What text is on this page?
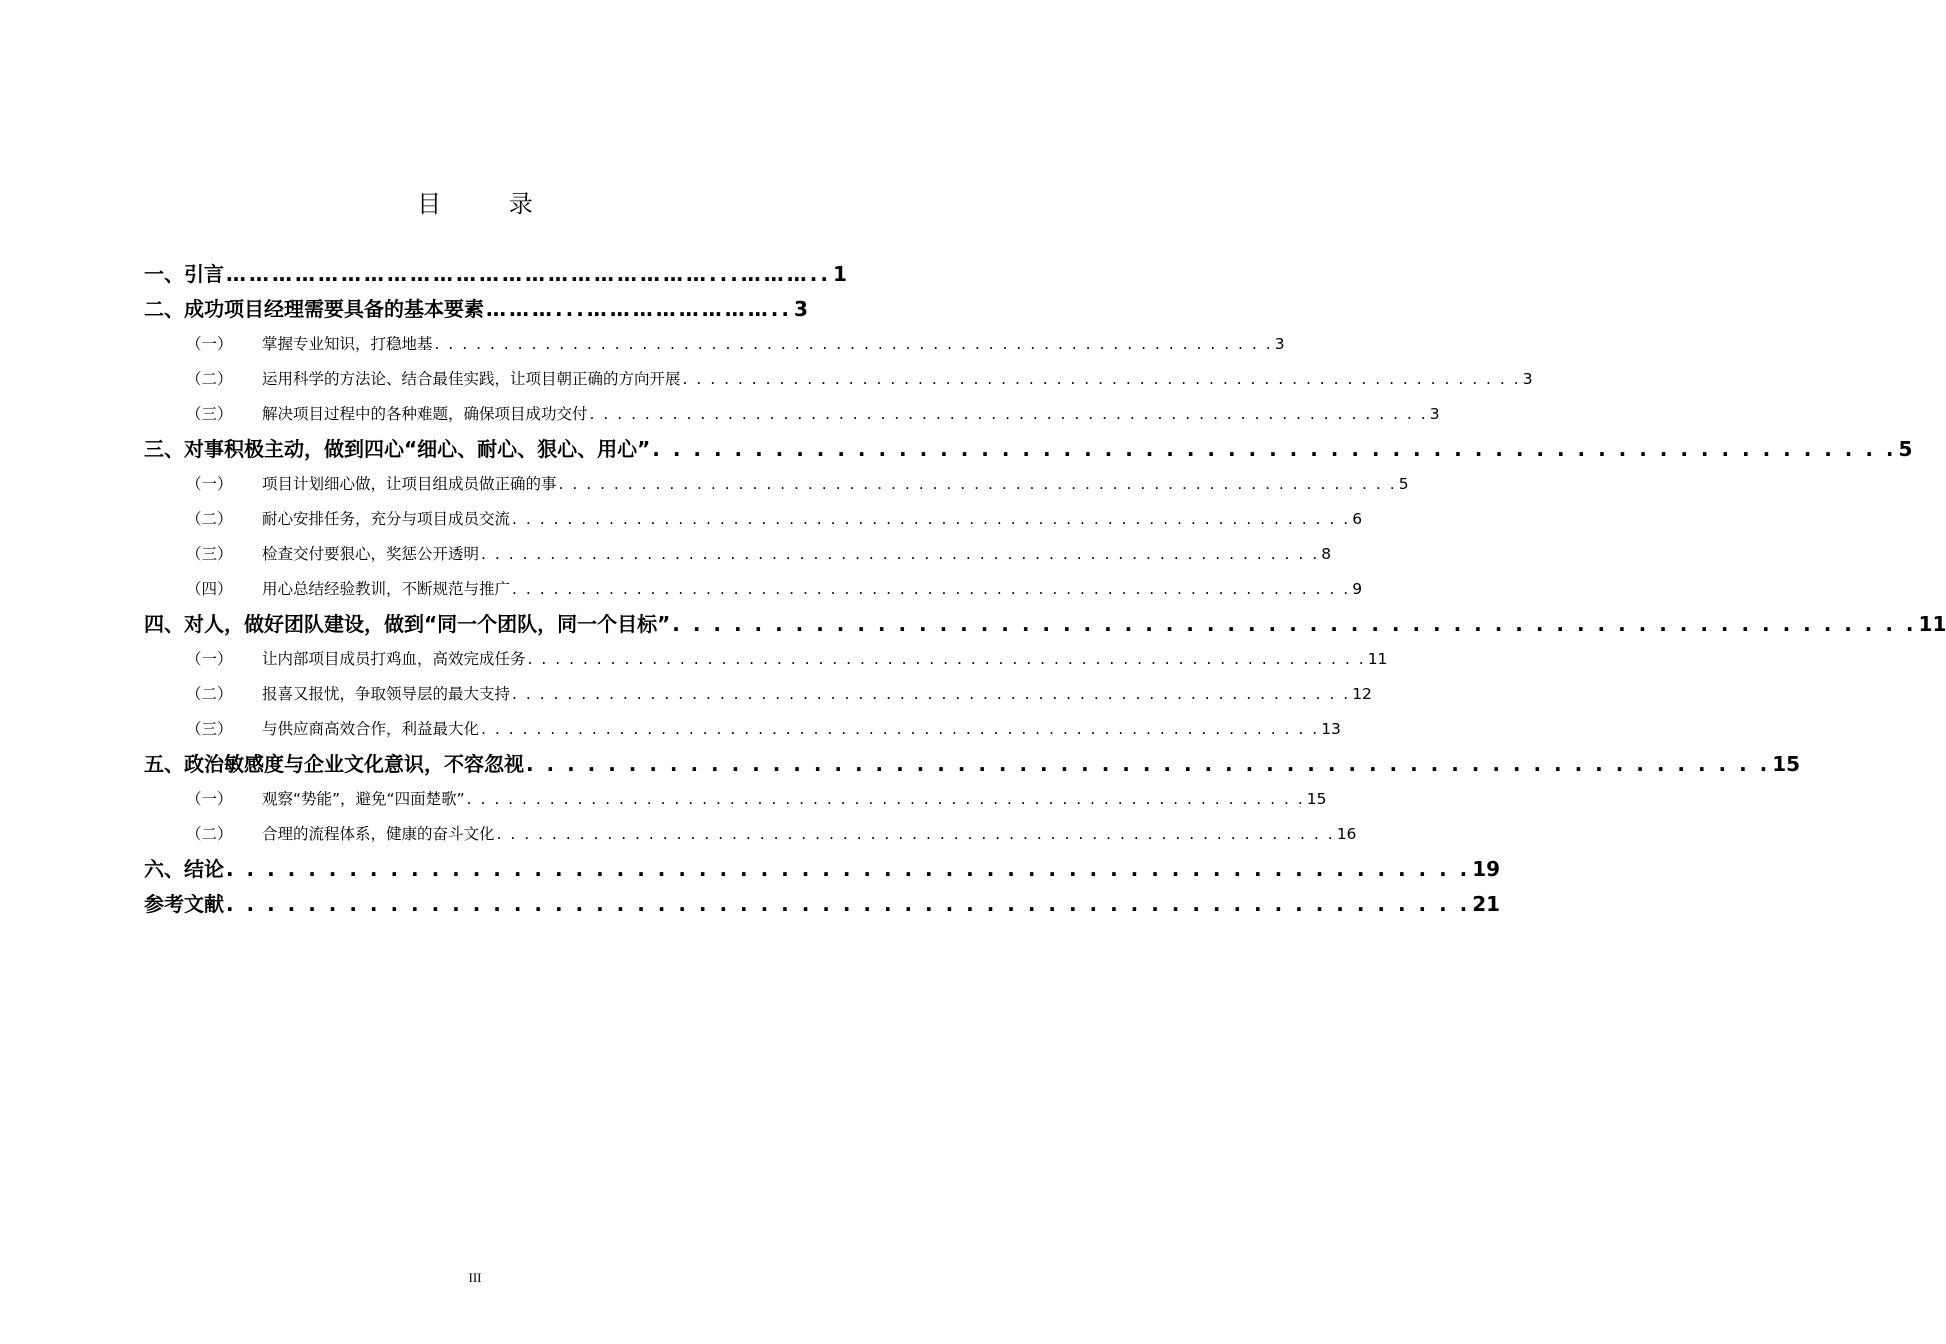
目 录
一、 引言 ………………………………………………………...……….. 1
二、 成功项目经理需要具备的基本要素 ………...…………………….. 3
（一）	掌握专业知识，打稳地基 . . . . . . . . . . . . . . . . . . . . . . . . . . . . . . . . . . . . . . . . . . . . . . . . . . . . . . . . . . . . . 3
（二）	运用科学的方法论、结合最佳实践，让项目朝正确的方向开展 . . . . . . . . . . . . . . . . . . . . . . . . . . . . . . . . . . . . . . . . . . . . . . . . . . . . . . . . . . . . . 3
（三）	解决项目过程中的各种难题，确保项目成功交付 . . . . . . . . . . . . . . . . . . . . . . . . . . . . . . . . . . . . . . . . . . . . . . . . . . . . . . . . . . . . . 3
三、 对事积极主动，做到四心“细心、耐心、狠心、用心” . . . . . . . . . . . . . . . . . . . . . . . . . . . . . . . . . . . . . . . . . . . . . . . . . . . . . . . . . . . . . 5
（一）	项目计划细心做，让项目组成员做正确的事 . . . . . . . . . . . . . . . . . . . . . . . . . . . . . . . . . . . . . . . . . . . . . . . . . . . . . . . . . . . . . 5
（二）	耐心安排任务，充分与项目成员交流 . . . . . . . . . . . . . . . . . . . . . . . . . . . . . . . . . . . . . . . . . . . . . . . . . . . . . . . . . . . . . 6
（三）	检查交付要狠心，奖惩公开透明 . . . . . . . . . . . . . . . . . . . . . . . . . . . . . . . . . . . . . . . . . . . . . . . . . . . . . . . . . . . . . 8
（四）	用心总结经验教训，不断规范与推广 . . . . . . . . . . . . . . . . . . . . . . . . . . . . . . . . . . . . . . . . . . . . . . . . . . . . . . . . . . . . . 9
四、 对人，做好团队建设，做到“同一个团队，同一个目标” . . . . . . . . . . . . . . . . . . . . . . . . . . . . . . . . . . . . . . . . . . . . . . . . . . . . . . . . . . . . . 11
（一）	让内部项目成员打鸡血，高效完成任务 . . . . . . . . . . . . . . . . . . . . . . . . . . . . . . . . . . . . . . . . . . . . . . . . . . . . . . . . . . . . . 11
（二）	报喜又报忧，争取领导层的最大支持 . . . . . . . . . . . . . . . . . . . . . . . . . . . . . . . . . . . . . . . . . . . . . . . . . . . . . . . . . . . . . 12
（三）	与供应商高效合作，利益最大化 . . . . . . . . . . . . . . . . . . . . . . . . . . . . . . . . . . . . . . . . . . . . . . . . . . . . . . . . . . . . . 13
五、 政治敏感度与企业文化意识，不容忽视 . . . . . . . . . . . . . . . . . . . . . . . . . . . . . . . . . . . . . . . . . . . . . . . . . . . . . . . . . . . . . 15
（一）	观察“势能”，避免“四面楚歌” . . . . . . . . . . . . . . . . . . . . . . . . . . . . . . . . . . . . . . . . . . . . . . . . . . . . . . . . . . . . . 15
（二）	合理的流程体系，健康的奋斗文化 . . . . . . . . . . . . . . . . . . . . . . . . . . . . . . . . . . . . . . . . . . . . . . . . . . . . . . . . . . . . . 16
六、 结论 . . . . . . . . . . . . . . . . . . . . . . . . . . . . . . . . . . . . . . . . . . . . . . . . . . . . . . . . . . . . . 19
参考文献 . . . . . . . . . . . . . . . . . . . . . . . . . . . . . . . . . . . . . . . . . . . . . . . . . . . . . . . . . . . . . 21
III
